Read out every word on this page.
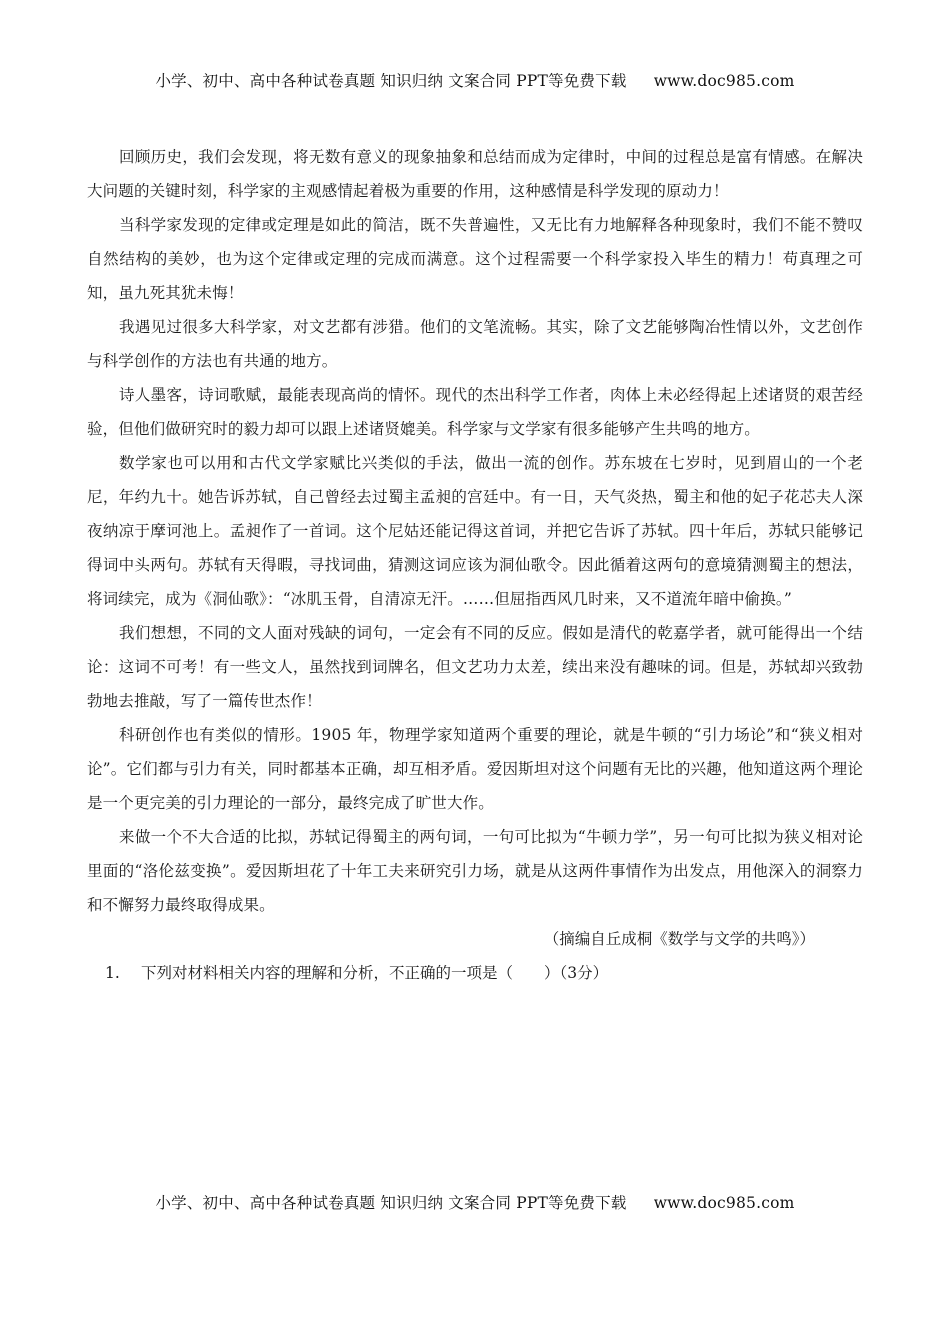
小学、初中、高中各种试卷真题 知识归纳 文案合同 PPT等免费下载 www.doc985.com

回顾历史，我们会发现，将无数有意义的现象抽象和总结而成为定律时，中间的过程总是富有情感。在解决大问题的关键时刻，科学家的主观感情起着极为重要的作用，这种感情是科学发现的原动力！

当科学家发现的定律或定理是如此的简洁，既不失普遍性，又无比有力地解释各种现象时，我们不能不赞叹自然结构的美妙，也为这个定律或定理的完成而满意。这个过程需要一个科学家投入毕生的精力！苟真理之可知，虽九死其犹未悔！

我遇见过很多大科学家，对文艺都有涉猎。他们的文笔流畅。其实，除了文艺能够陶冶性情以外，文艺创作与科学创作的方法也有共通的地方。

诗人墨客，诗词歌赋，最能表现高尚的情怀。现代的杰出科学工作者，肉体上未必经得起上述诸贤的艰苦经验，但他们做研究时的毅力却可以跟上述诸贤媲美。科学家与文学家有很多能够产生共鸣的地方。

数学家也可以用和古代文学家赋比兴类似的手法，做出一流的创作。苏东坡在七岁时，见到眉山的一个老尼，年约九十。她告诉苏轼，自己曾经去过蜀主孟昶的宫廷中。有一日，天气炎热，蜀主和他的妃子花芯夫人深夜纳凉于摩诃池上。孟昶作了一首词。这个尼姑还能记得这首词，并把它告诉了苏轼。四十年后，苏轼只能够记得词中头两句。苏轼有天得暇，寻找词曲，猜测这词应该为洞仙歌令。因此循着这两句的意境猜测蜀主的想法，将词续完，成为《洞仙歌》：“冰肌玉骨，自清凉无汗。……但屈指西风几时来，又不道流年暗中偷换。”

我们想想，不同的文人面对残缺的词句，一定会有不同的反应。假如是清代的乾嘉学者，就可能得出一个结论：这词不可考！有一些文人，虽然找到词牌名，但文艺功力太差，续出来没有趣味的词。但是，苏轼却兴致勃勃地去推敲，写了一篇传世杰作！

科研创作也有类似的情形。1905 年，物理学家知道两个重要的理论，就是牛顿的“引力场论”和“狭义相对论”。它们都与引力有关，同时都基本正确，却互相矛盾。爱因斯坦对这个问题有无比的兴趣，他知道这两个理论是一个更完美的引力理论的一部分，最终完成了旷世大作。

来做一个不大合适的比拟，苏轼记得蜀主的两句词，一句可比拟为“牛顿力学”，另一句可比拟为狭义相对论里面的“洛伦兹变换”。爱因斯坦花了十年工夫来研究引力场，就是从这两件事情作为出发点，用他深入的洞察力和不懈努力最终取得成果。

（摘编自丘成桐《数学与文学的共鸣》）

1. 下列对材料相关内容的理解和分析，不正确的一项是（　　）（3分）

小学、初中、高中各种试卷真题 知识归纳 文案合同 PPT等免费下载 www.doc985.com
